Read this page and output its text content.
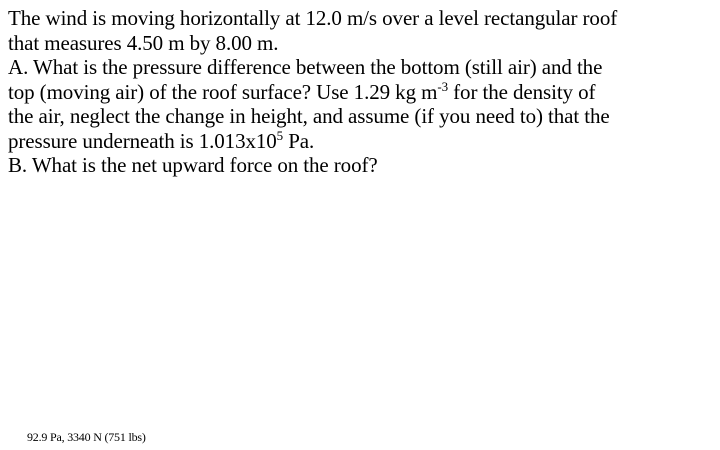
The wind is moving horizontally at 12.0 m/s over a level rectangular roof
that measures 4.50 m by 8.00 m.
A. What is the pressure difference between the bottom (still air) and the
top (moving air) of the roof surface? Use 1.29 kg $m^{-3}$ for the density of
the air, neglect the change in height, and assume (if you need to) that the
pressure underneath is $1.013x10^5$ Pa.
B. What is the net upward force on the roof?
92.9 Pa, 3340 N (751 lbs)
